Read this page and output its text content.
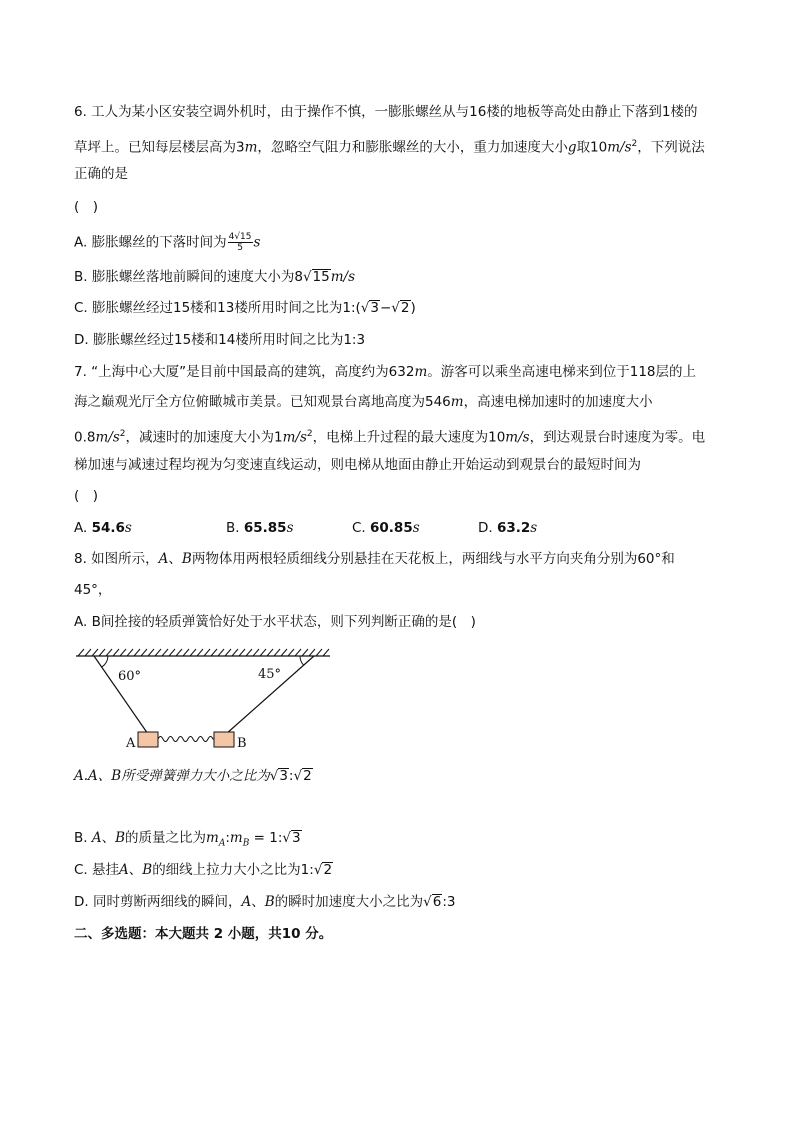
6. 工人为某小区安装空调外机时，由于操作不慎，一膨胀螺丝从与16楼的地板等高处由静止下落到1楼的
草坪上。已知每层楼层高为3m，忽略空气阻力和膨胀螺丝的大小，重力加速度大小g取$10m/s^2$，下列说法
正确的是
(　)
A. 膨胀螺丝的下落时间为 $\frac{4√15}{5}$ s
B. 膨胀螺丝落地前瞬间的速度大小为8√15m/s
C. 膨胀螺丝经过15楼和13楼所用时间之比为1:(√3−√2)
D. 膨胀螺丝经过15楼和14楼所用时间之比为1:3
7. “上海中心大厦”是目前中国最高的建筑，高度约为632m。游客可以乘坐高速电梯来到位于118层的上
海之巅观光厅全方位俯瞰城市美景。已知观景台离地高度为546m，高速电梯加速时的加速度大小
$0.8m/s^2$，减速时的加速度大小为$1m/s^2$，电梯上升过程的最大速度为10m/s，到达观景台时速度为零。电
梯加速与减速过程均视为匀变速直线运动，则电梯从地面由静止开始运动到观景台的最短时间为
(　)
A. 54.6s	B. 65.85s	C. 60.85s	D. 63.2s
8. 如图所示，A、B两物体用两根轻质细线分别悬挂在天花板上，两细线与水平方向夹角分别为60°和
45°，
A. B间拴接的轻质弹簧恰好处于水平状态，则下列判断正确的是(　)
60°	45°
A	B
A.A、B所受弹簧弹力大小之比为√3:√2
B. A、B的质量之比为$m_A:m_B$ = 1:√3
C. 悬挂A、B的细线上拉力大小之比为1:√2
D. 同时剪断两细线的瞬间，A、B的瞬时加速度大小之比为√6:3
二、多选题：本大题共 2 小题，共10 分。
